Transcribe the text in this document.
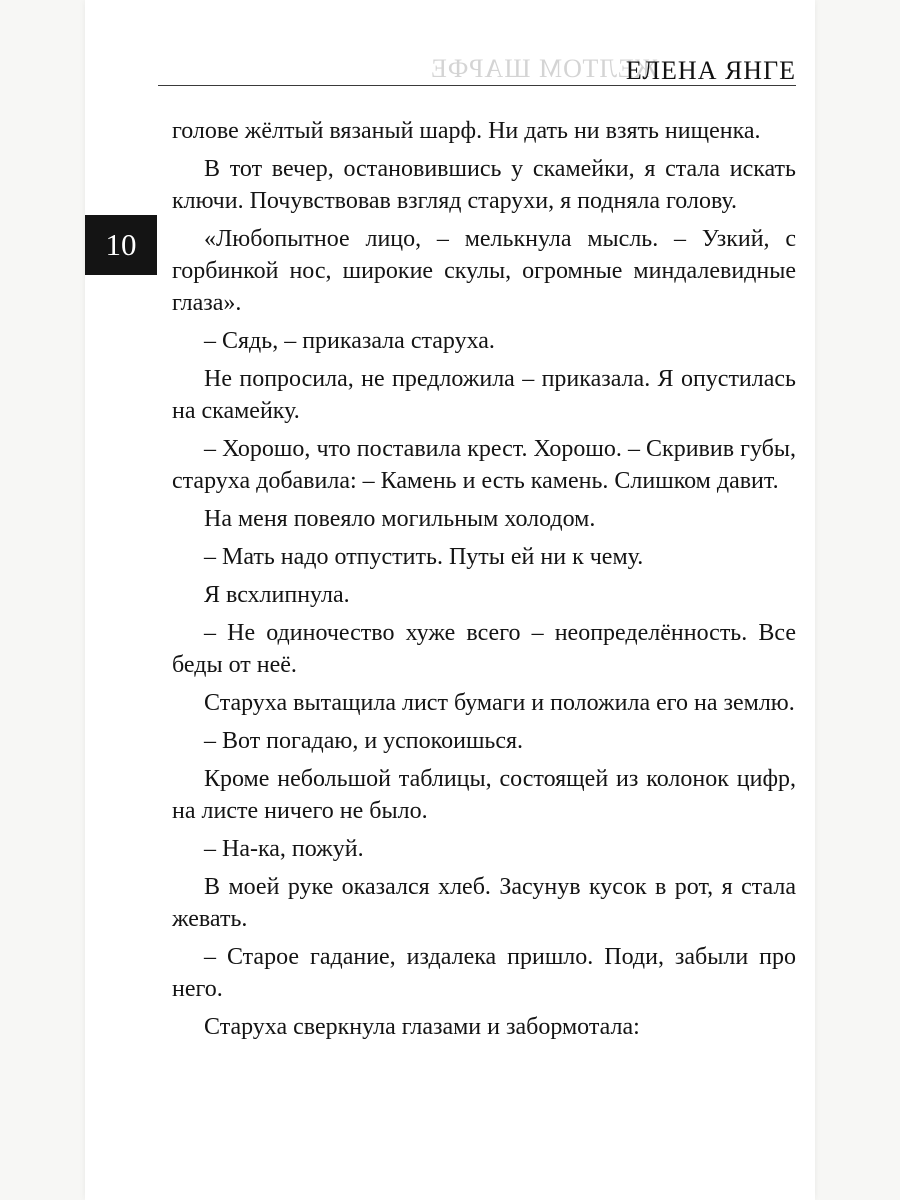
ЖЕЛТОМ ШАРФЕ
ЕЛЕНА ЯНГЕ
10

голове жёлтый вязаный шарф. Ни дать ни взять нищенка.

В тот вечер, остановившись у скамейки, я стала искать ключи. Почувствовав взгляд старухи, я подняла голову.

«Любопытное лицо, – мелькнула мысль. – Узкий, с горбинкой нос, широкие скулы, огромные миндалевидные глаза».

– Сядь, – приказала старуха.

Не попросила, не предложила – приказала. Я опустилась на скамейку.

– Хорошо, что поставила крест. Хорошо. – Скривив губы, старуха добавила: – Камень и есть камень. Слишком давит.

На меня повеяло могильным холодом.

– Мать надо отпустить. Путы ей ни к чему.

Я всхлипнула.

– Не одиночество хуже всего – неопределённость. Все беды от неё.

Старуха вытащила лист бумаги и положила его на землю.

– Вот погадаю, и успокоишься.

Кроме небольшой таблицы, состоящей из колонок цифр, на листе ничего не было.

– На-ка, пожуй.

В моей руке оказался хлеб. Засунув кусок в рот, я стала жевать.

– Старое гадание, издалека пришло. Поди, забыли про него.

Старуха сверкнула глазами и забормотала:
